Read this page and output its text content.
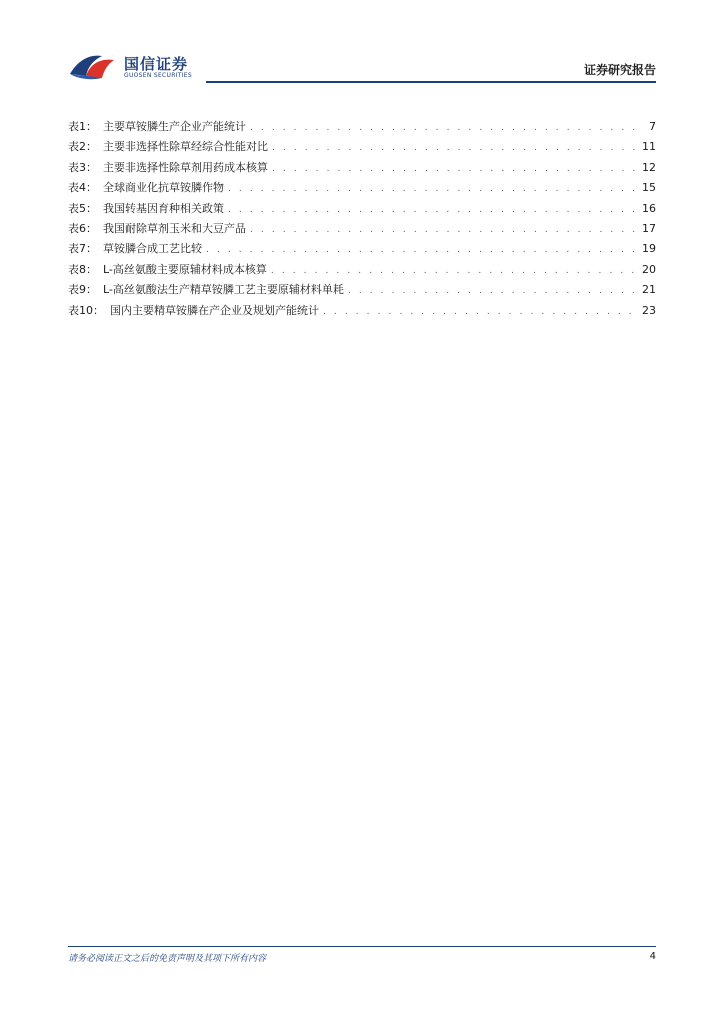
国信证券
GUOSEN SECURITIES	证券研究报告
表1： 主要草铵膦生产企业产能统计 . . .	7
表2： 主要非选择性除草经综合性能对比 . . .	11
表3： 主要非选择性除草剂用药成本核算 . . .	12
表4： 全球商业化抗草铵膦作物 . . .	15
表5： 我国转基因育种相关政策 . . .	16
表6： 我国耐除草剂玉米和大豆产品 . . .	17
表7： 草铵膦合成工艺比较 . . .	19
表8： L-高丝氨酸主要原辅材料成本核算 . . .	20
表9： L-高丝氨酸法生产精草铵膦工艺主要原辅材料单耗 . . .	21
表10： 国内主要精草铵膦在产企业及规划产能统计 . . .	23
请务必阅读正文之后的免责声明及其项下所有内容	4
